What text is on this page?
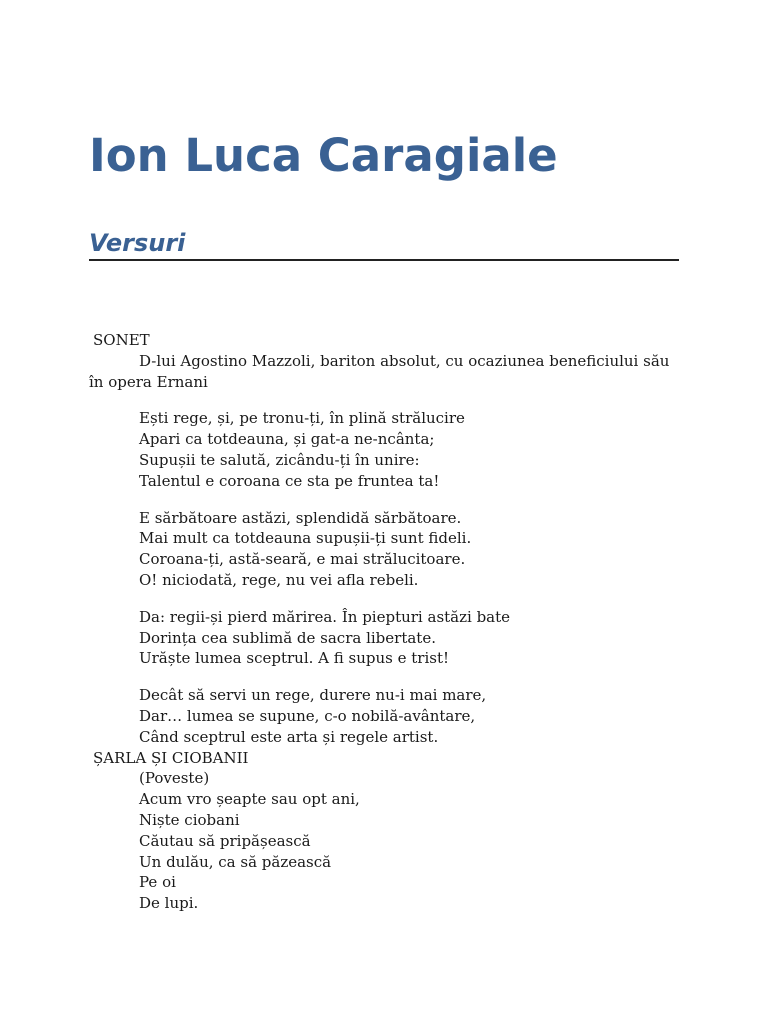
Ion Luca Caragiale
Versuri
SONET
D-lui Agostino Mazzoli, bariton absolut, cu ocaziunea beneficiului său în opera Ernani
Ești rege, și, pe tronu-ți, în plină strălucire
Apari ca totdeauna, și gat-a ne-ncânta;
Supușii te salută, zicându-ți în unire:
Talentul e coroana ce sta pe fruntea ta!
E sărbătoare astăzi, splendidă sărbătoare.
Mai mult ca totdeauna supușii-ți sunt fideli.
Coroana-ți, astă-seară, e mai strălucitoare.
O! niciodată, rege, nu vei afla rebeli.
Da: regii-și pierd mărirea. În piepturi astăzi bate
Dorința cea sublimă de sacra libertate.
Urăște lumea sceptrul. A fi supus e trist!
Decât să servi un rege, durere nu-i mai mare,
Dar… lumea se supune, c-o nobilă-avântare,
Când sceptrul este arta și regele artist.
ȘARLA ȘI CIOBANII
(Poveste)
Acum vro șeapte sau opt ani,
Niște ciobani
Căutau să pripășească
Un dulău, ca să păzească
Pe oi
De lupi.
